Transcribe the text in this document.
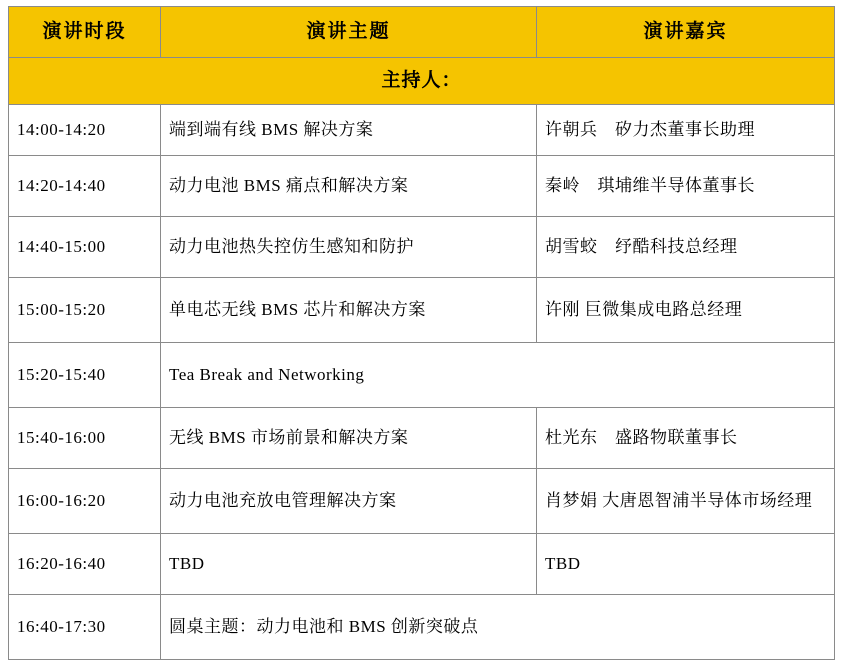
演讲时段	演讲主题	演讲嘉宾
主持人：		
14:00-14:20	端到端有线 BMS 解决方案	许朝兵　矽力杰董事长助理
14:20-14:40	动力电池 BMS 痛点和解决方案	秦岭　琪埔维半导体董事长
14:40-15:00	动力电池热失控仿生感知和防护	胡雪蛟　纾酷科技总经理
15:00-15:20	单电芯无线 BMS 芯片和解决方案	许刚 巨微集成电路总经理
15:20-15:40	Tea Break and Networking	
15:40-16:00	无线 BMS 市场前景和解决方案	杜光东　盛路物联董事长
16:00-16:20	动力电池充放电管理解决方案	肖梦娟 大唐恩智浦半导体市场经理
16:20-16:40	TBD	TBD
16:40-17:30	圆桌主题：动力电池和 BMS 创新突破点	
